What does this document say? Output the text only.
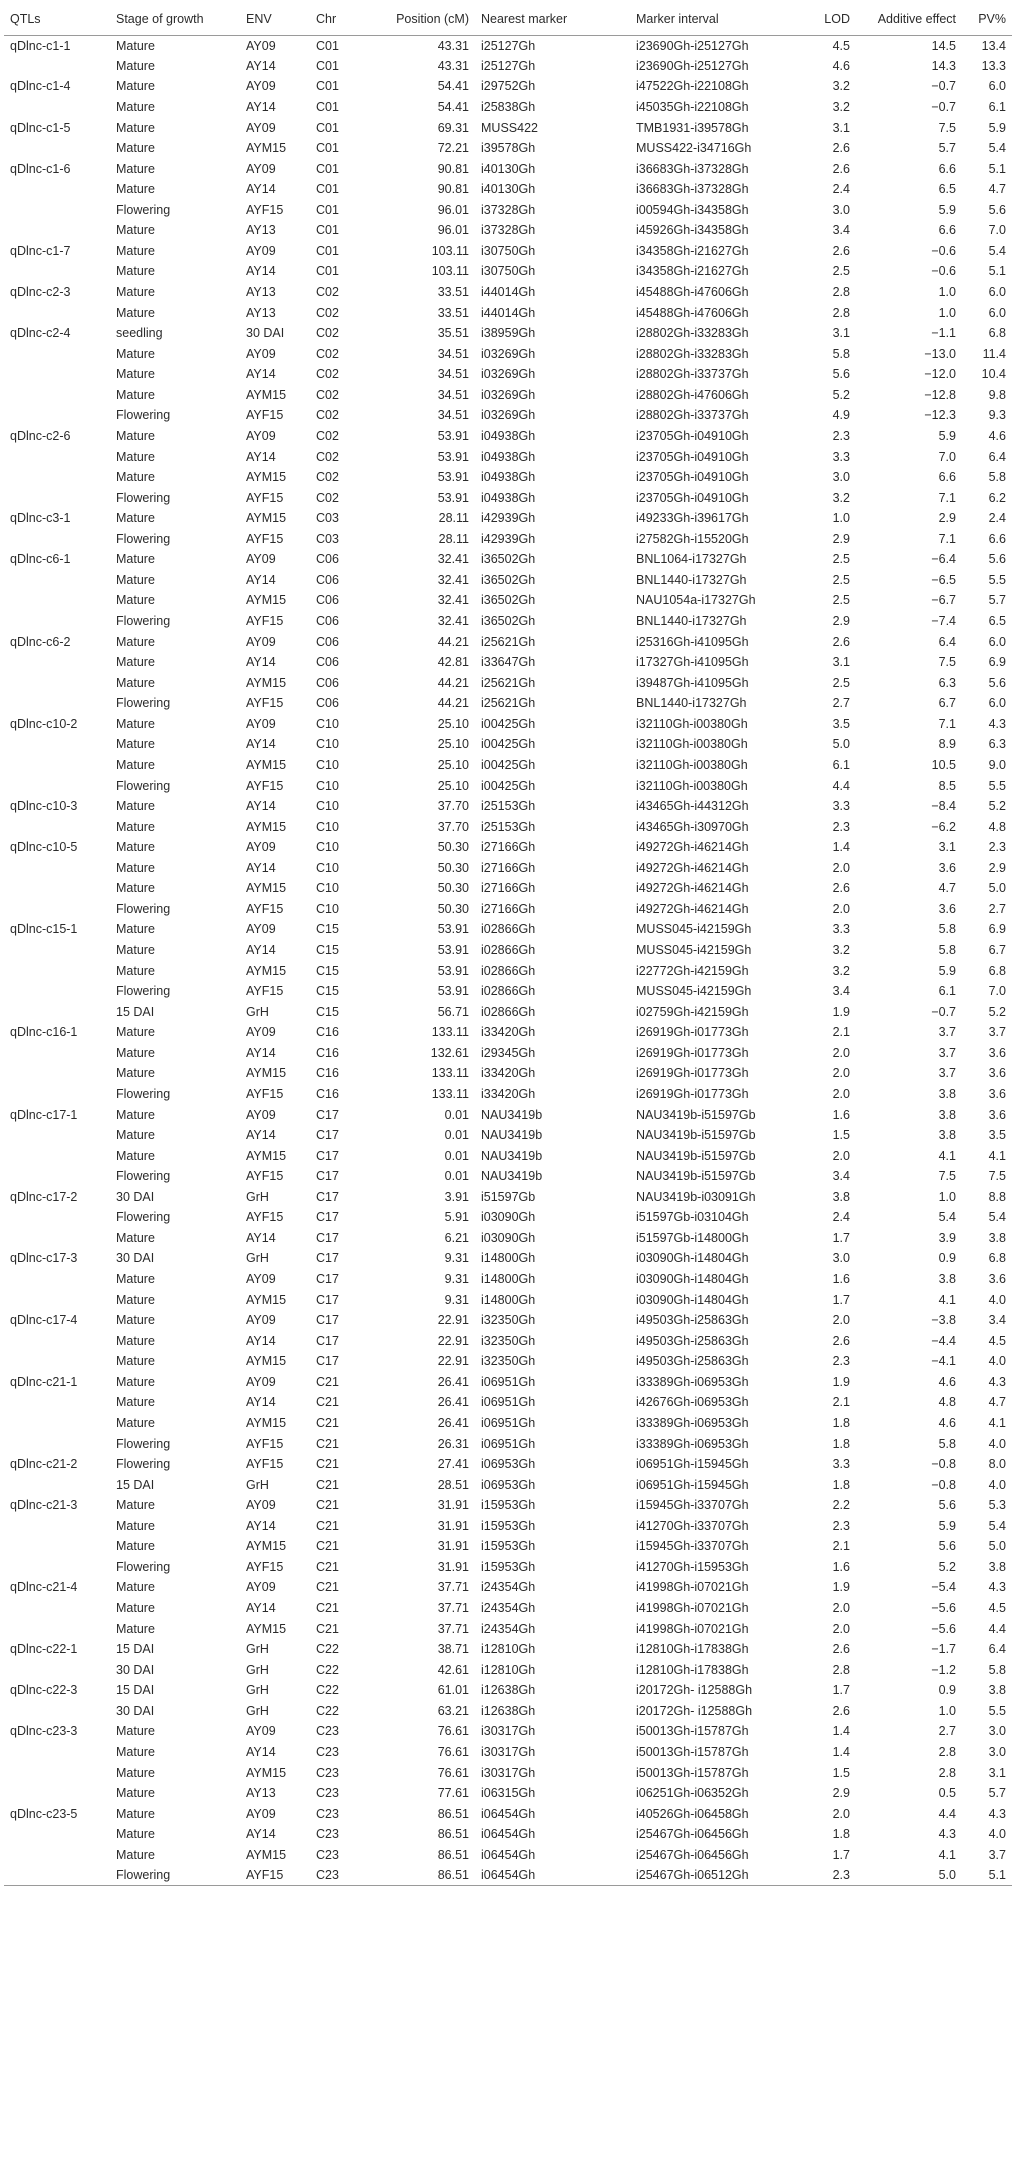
QTLs	Stage of growth	ENV	Chr	Position (cM)	Nearest marker	Marker interval	LOD	Additive effect	PV%
qDlnc-c1-1	Mature	AY09	C01	43.31	i25127Gh	i23690Gh-i25127Gh	4.5	14.5	13.4
	Mature	AY14	C01	43.31	i25127Gh	i23690Gh-i25127Gh	4.6	14.3	13.3
qDlnc-c1-4	Mature	AY09	C01	54.41	i29752Gh	i47522Gh-i22108Gh	3.2	−0.7	6.0
	Mature	AY14	C01	54.41	i25838Gh	i45035Gh-i22108Gh	3.2	−0.7	6.1
qDlnc-c1-5	Mature	AY09	C01	69.31	MUSS422	TMB1931-i39578Gh	3.1	7.5	5.9
	Mature	AYM15	C01	72.21	i39578Gh	MUSS422-i34716Gh	2.6	5.7	5.4
qDlnc-c1-6	Mature	AY09	C01	90.81	i40130Gh	i36683Gh-i37328Gh	2.6	6.6	5.1
	Mature	AY14	C01	90.81	i40130Gh	i36683Gh-i37328Gh	2.4	6.5	4.7
	Flowering	AYF15	C01	96.01	i37328Gh	i00594Gh-i34358Gh	3.0	5.9	5.6
	Mature	AY13	C01	96.01	i37328Gh	i45926Gh-i34358Gh	3.4	6.6	7.0
qDlnc-c1-7	Mature	AY09	C01	103.11	i30750Gh	i34358Gh-i21627Gh	2.6	−0.6	5.4
	Mature	AY14	C01	103.11	i30750Gh	i34358Gh-i21627Gh	2.5	−0.6	5.1
qDlnc-c2-3	Mature	AY13	C02	33.51	i44014Gh	i45488Gh-i47606Gh	2.8	1.0	6.0
	Mature	AY13	C02	33.51	i44014Gh	i45488Gh-i47606Gh	2.8	1.0	6.0
qDlnc-c2-4	seedling	30 DAI	C02	35.51	i38959Gh	i28802Gh-i33283Gh	3.1	−1.1	6.8
	Mature	AY09	C02	34.51	i03269Gh	i28802Gh-i33283Gh	5.8	−13.0	11.4
	Mature	AY14	C02	34.51	i03269Gh	i28802Gh-i33737Gh	5.6	−12.0	10.4
	Mature	AYM15	C02	34.51	i03269Gh	i28802Gh-i47606Gh	5.2	−12.8	9.8
	Flowering	AYF15	C02	34.51	i03269Gh	i28802Gh-i33737Gh	4.9	−12.3	9.3
qDlnc-c2-6	Mature	AY09	C02	53.91	i04938Gh	i23705Gh-i04910Gh	2.3	5.9	4.6
	Mature	AY14	C02	53.91	i04938Gh	i23705Gh-i04910Gh	3.3	7.0	6.4
	Mature	AYM15	C02	53.91	i04938Gh	i23705Gh-i04910Gh	3.0	6.6	5.8
	Flowering	AYF15	C02	53.91	i04938Gh	i23705Gh-i04910Gh	3.2	7.1	6.2
qDlnc-c3-1	Mature	AYM15	C03	28.11	i42939Gh	i49233Gh-i39617Gh	1.0	2.9	2.4
	Flowering	AYF15	C03	28.11	i42939Gh	i27582Gh-i15520Gh	2.9	7.1	6.6
qDlnc-c6-1	Mature	AY09	C06	32.41	i36502Gh	BNL1064-i17327Gh	2.5	−6.4	5.6
	Mature	AY14	C06	32.41	i36502Gh	BNL1440-i17327Gh	2.5	−6.5	5.5
	Mature	AYM15	C06	32.41	i36502Gh	NAU1054a-i17327Gh	2.5	−6.7	5.7
	Flowering	AYF15	C06	32.41	i36502Gh	BNL1440-i17327Gh	2.9	−7.4	6.5
qDlnc-c6-2	Mature	AY09	C06	44.21	i25621Gh	i25316Gh-i41095Gh	2.6	6.4	6.0
	Mature	AY14	C06	42.81	i33647Gh	i17327Gh-i41095Gh	3.1	7.5	6.9
	Mature	AYM15	C06	44.21	i25621Gh	i39487Gh-i41095Gh	2.5	6.3	5.6
	Flowering	AYF15	C06	44.21	i25621Gh	BNL1440-i17327Gh	2.7	6.7	6.0
qDlnc-c10-2	Mature	AY09	C10	25.10	i00425Gh	i32110Gh-i00380Gh	3.5	7.1	4.3
	Mature	AY14	C10	25.10	i00425Gh	i32110Gh-i00380Gh	5.0	8.9	6.3
	Mature	AYM15	C10	25.10	i00425Gh	i32110Gh-i00380Gh	6.1	10.5	9.0
	Flowering	AYF15	C10	25.10	i00425Gh	i32110Gh-i00380Gh	4.4	8.5	5.5
qDlnc-c10-3	Mature	AY14	C10	37.70	i25153Gh	i43465Gh-i44312Gh	3.3	−8.4	5.2
	Mature	AYM15	C10	37.70	i25153Gh	i43465Gh-i30970Gh	2.3	−6.2	4.8
qDlnc-c10-5	Mature	AY09	C10	50.30	i27166Gh	i49272Gh-i46214Gh	1.4	3.1	2.3
	Mature	AY14	C10	50.30	i27166Gh	i49272Gh-i46214Gh	2.0	3.6	2.9
	Mature	AYM15	C10	50.30	i27166Gh	i49272Gh-i46214Gh	2.6	4.7	5.0
	Flowering	AYF15	C10	50.30	i27166Gh	i49272Gh-i46214Gh	2.0	3.6	2.7
qDlnc-c15-1	Mature	AY09	C15	53.91	i02866Gh	MUSS045-i42159Gh	3.3	5.8	6.9
	Mature	AY14	C15	53.91	i02866Gh	MUSS045-i42159Gh	3.2	5.8	6.7
	Mature	AYM15	C15	53.91	i02866Gh	i22772Gh-i42159Gh	3.2	5.9	6.8
	Flowering	AYF15	C15	53.91	i02866Gh	MUSS045-i42159Gh	3.4	6.1	7.0
	15 DAI	GrH	C15	56.71	i02866Gh	i02759Gh-i42159Gh	1.9	−0.7	5.2
qDlnc-c16-1	Mature	AY09	C16	133.11	i33420Gh	i26919Gh-i01773Gh	2.1	3.7	3.7
	Mature	AY14	C16	132.61	i29345Gh	i26919Gh-i01773Gh	2.0	3.7	3.6
	Mature	AYM15	C16	133.11	i33420Gh	i26919Gh-i01773Gh	2.0	3.7	3.6
	Flowering	AYF15	C16	133.11	i33420Gh	i26919Gh-i01773Gh	2.0	3.8	3.6
qDlnc-c17-1	Mature	AY09	C17	0.01	NAU3419b	NAU3419b-i51597Gb	1.6	3.8	3.6
	Mature	AY14	C17	0.01	NAU3419b	NAU3419b-i51597Gb	1.5	3.8	3.5
	Mature	AYM15	C17	0.01	NAU3419b	NAU3419b-i51597Gb	2.0	4.1	4.1
	Flowering	AYF15	C17	0.01	NAU3419b	NAU3419b-i51597Gb	3.4	7.5	7.5
qDlnc-c17-2	30 DAI	GrH	C17	3.91	i51597Gb	NAU3419b-i03091Gh	3.8	1.0	8.8
	Flowering	AYF15	C17	5.91	i03090Gh	i51597Gb-i03104Gh	2.4	5.4	5.4
	Mature	AY14	C17	6.21	i03090Gh	i51597Gb-i14800Gh	1.7	3.9	3.8
qDlnc-c17-3	30 DAI	GrH	C17	9.31	i14800Gh	i03090Gh-i14804Gh	3.0	0.9	6.8
	Mature	AY09	C17	9.31	i14800Gh	i03090Gh-i14804Gh	1.6	3.8	3.6
	Mature	AYM15	C17	9.31	i14800Gh	i03090Gh-i14804Gh	1.7	4.1	4.0
qDlnc-c17-4	Mature	AY09	C17	22.91	i32350Gh	i49503Gh-i25863Gh	2.0	−3.8	3.4
	Mature	AY14	C17	22.91	i32350Gh	i49503Gh-i25863Gh	2.6	−4.4	4.5
	Mature	AYM15	C17	22.91	i32350Gh	i49503Gh-i25863Gh	2.3	−4.1	4.0
qDlnc-c21-1	Mature	AY09	C21	26.41	i06951Gh	i33389Gh-i06953Gh	1.9	4.6	4.3
	Mature	AY14	C21	26.41	i06951Gh	i42676Gh-i06953Gh	2.1	4.8	4.7
	Mature	AYM15	C21	26.41	i06951Gh	i33389Gh-i06953Gh	1.8	4.6	4.1
	Flowering	AYF15	C21	26.31	i06951Gh	i33389Gh-i06953Gh	1.8	5.8	4.0
qDlnc-c21-2	Flowering	AYF15	C21	27.41	i06953Gh	i06951Gh-i15945Gh	3.3	−0.8	8.0
	15 DAI	GrH	C21	28.51	i06953Gh	i06951Gh-i15945Gh	1.8	−0.8	4.0
qDlnc-c21-3	Mature	AY09	C21	31.91	i15953Gh	i15945Gh-i33707Gh	2.2	5.6	5.3
	Mature	AY14	C21	31.91	i15953Gh	i41270Gh-i33707Gh	2.3	5.9	5.4
	Mature	AYM15	C21	31.91	i15953Gh	i15945Gh-i33707Gh	2.1	5.6	5.0
	Flowering	AYF15	C21	31.91	i15953Gh	i41270Gh-i15953Gh	1.6	5.2	3.8
qDlnc-c21-4	Mature	AY09	C21	37.71	i24354Gh	i41998Gh-i07021Gh	1.9	−5.4	4.3
	Mature	AY14	C21	37.71	i24354Gh	i41998Gh-i07021Gh	2.0	−5.6	4.5
	Mature	AYM15	C21	37.71	i24354Gh	i41998Gh-i07021Gh	2.0	−5.6	4.4
qDlnc-c22-1	15 DAI	GrH	C22	38.71	i12810Gh	i12810Gh-i17838Gh	2.6	−1.7	6.4
	30 DAI	GrH	C22	42.61	i12810Gh	i12810Gh-i17838Gh	2.8	−1.2	5.8
qDlnc-c22-3	15 DAI	GrH	C22	61.01	i12638Gh	i20172Gh- i12588Gh	1.7	0.9	3.8
	30 DAI	GrH	C22	63.21	i12638Gh	i20172Gh- i12588Gh	2.6	1.0	5.5
qDlnc-c23-3	Mature	AY09	C23	76.61	i30317Gh	i50013Gh-i15787Gh	1.4	2.7	3.0
	Mature	AY14	C23	76.61	i30317Gh	i50013Gh-i15787Gh	1.4	2.8	3.0
	Mature	AYM15	C23	76.61	i30317Gh	i50013Gh-i15787Gh	1.5	2.8	3.1
	Mature	AY13	C23	77.61	i06315Gh	i06251Gh-i06352Gh	2.9	0.5	5.7
qDlnc-c23-5	Mature	AY09	C23	86.51	i06454Gh	i40526Gh-i06458Gh	2.0	4.4	4.3
	Mature	AY14	C23	86.51	i06454Gh	i25467Gh-i06456Gh	1.8	4.3	4.0
	Mature	AYM15	C23	86.51	i06454Gh	i25467Gh-i06456Gh	1.7	4.1	3.7
	Flowering	AYF15	C23	86.51	i06454Gh	i25467Gh-i06512Gh	2.3	5.0	5.1
